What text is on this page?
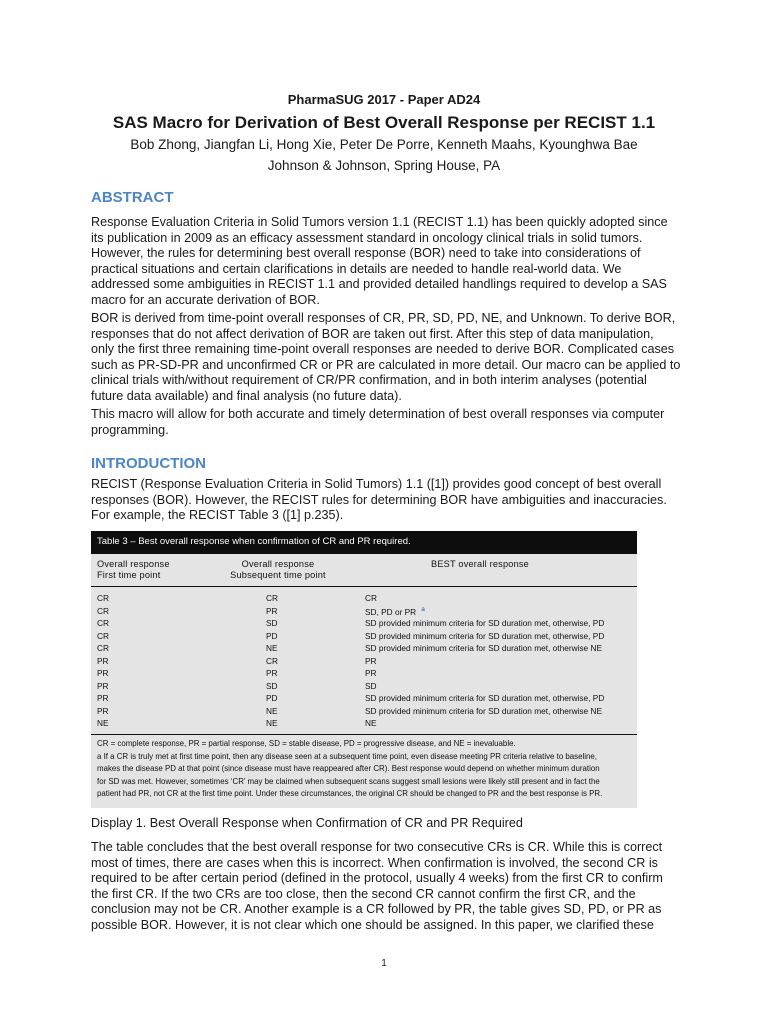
PharmaSUG 2017 - Paper AD24
SAS Macro for Derivation of Best Overall Response per RECIST 1.1
Bob Zhong, Jiangfan Li, Hong Xie, Peter De Porre, Kenneth Maahs, Kyounghwa Bae
Johnson & Johnson, Spring House, PA
ABSTRACT

Response Evaluation Criteria in Solid Tumors version 1.1 (RECIST 1.1) has been quickly adopted since
its publication in 2009 as an efficacy assessment standard in oncology clinical trials in solid tumors.
However, the rules for determining best overall response (BOR) need to take into considerations of
practical situations and certain clarifications in details are needed to handle real-world data. We
addressed some ambiguities in RECIST 1.1 and provided detailed handlings required to develop a SAS
macro for an accurate derivation of BOR.

BOR is derived from time-point overall responses of CR, PR, SD, PD, NE, and Unknown. To derive BOR,
responses that do not affect derivation of BOR are taken out first. After this step of data manipulation,
only the first three remaining time-point overall responses are needed to derive BOR. Complicated cases
such as PR-SD-PR and unconfirmed CR or PR are calculated in more detail. Our macro can be applied to
clinical trials with/without requirement of CR/PR confirmation, and in both interim analyses (potential
future data available) and final analysis (no future data).

This macro will allow for both accurate and timely determination of best overall responses via computer
programming.

INTRODUCTION

RECIST (Response Evaluation Criteria in Solid Tumors) 1.1 ([1]) provides good concept of best overall
responses (BOR). However, the RECIST rules for determining BOR have ambiguities and inaccuracies.
For example, the RECIST Table 3 ([1] p.235).

Table 3 – Best overall response when confirmation of CR and PR required.
Overall response
First time point
Overall response
Subsequent time point
BEST overall response
CR	CR	CR
CR	PR	SD, PD or PR $^a$
CR	SD	SD provided minimum criteria for SD duration met, otherwise, PD
CR	PD	SD provided minimum criteria for SD duration met, otherwise, PD
CR	NE	SD provided minimum criteria for SD duration met, otherwise NE
PR	CR	PR
PR	PR	PR
PR	SD	SD
PR	PD	SD provided minimum criteria for SD duration met, otherwise, PD
PR	NE	SD provided minimum criteria for SD duration met, otherwise NE
NE	NE	NE
CR = complete response, PR = partial response, SD = stable disease, PD = progressive disease, and NE = inevaluable.
a If a CR is truly met at first time point, then any disease seen at a subsequent time point, even disease meeting PR criteria relative to baseline,
makes the disease PD at that point (since disease must have reappeared after CR). Best response would depend on whether minimum duration
for SD was met. However, sometimes ‘CR’ may be claimed when subsequent scans suggest small lesions were likely still present and in fact the
patient had PR, not CR at the first time point. Under these circumstances, the original CR should be changed to PR and the best response is PR.
Display 1. Best Overall Response when Confirmation of CR and PR Required

The table concludes that the best overall response for two consecutive CRs is CR. While this is correct
most of times, there are cases when this is incorrect. When confirmation is involved, the second CR is
required to be after certain period (defined in the protocol, usually 4 weeks) from the first CR to confirm
the first CR. If the two CRs are too close, then the second CR cannot confirm the first CR, and the
conclusion may not be CR. Another example is a CR followed by PR, the table gives SD, PD, or PR as
possible BOR. However, it is not clear which one should be assigned. In this paper, we clarified these

1
